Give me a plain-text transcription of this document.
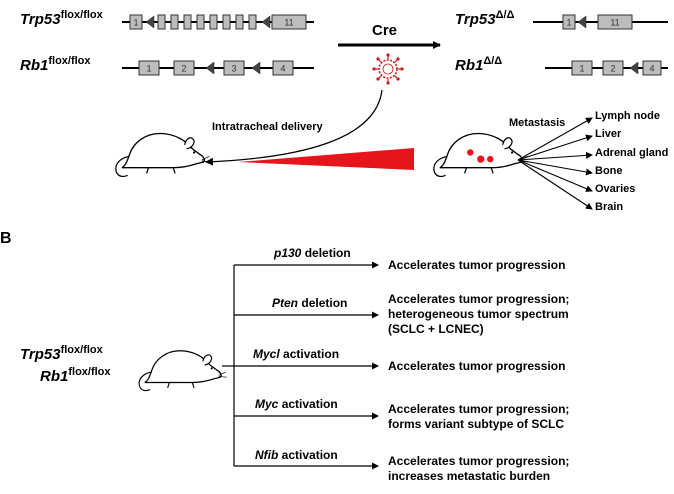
1	11
1	2	3	4
1	11
1	2	4
$Trp53^{flox/flox}$
$Rb1^{flox/flox}$
$Trp53^{\Delta/\Delta}$
$Rb1^{\Delta/\Delta}$
Cre
Intratracheal delivery	Metastasis
Lymph node
Liver
Adrenal gland
Bone
Ovaries
Brain
B
$Trp53^{flox/flox}$
$Rb1^{flox/flox}$
p130 deletion
Pten deletion
Mycl activation
Myc activation
Nfib activation
Accelerates tumor progression
Accelerates tumor progression;
heterogeneous tumor spectrum
(SCLC + LCNEC)
Accelerates tumor progression
Accelerates tumor progression;
forms variant subtype of SCLC
Accelerates tumor progression;
increases metastatic burden
